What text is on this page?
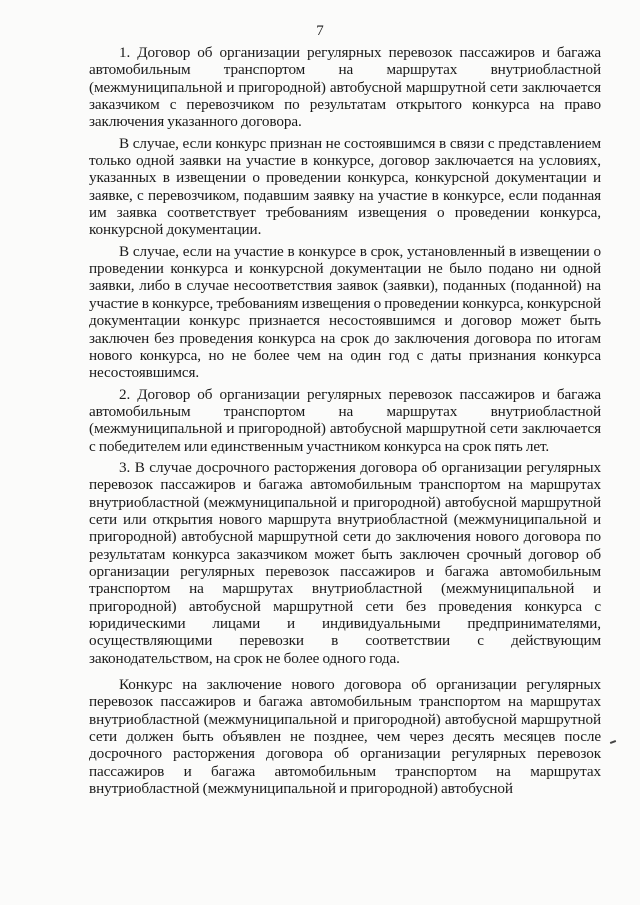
7

1. Договор об организации регулярных перевозок пассажиров и багажа автомобильным транспортом на маршрутах внутриобластной (межмуниципальной и пригородной) автобусной маршрутной сети заключается заказчиком с перевозчиком по результатам открытого конкурса на право заключения указанного договора.

В случае, если конкурс признан не состоявшимся в связи с представлением только одной заявки на участие в конкурсе, договор заключается на условиях, указанных в извещении о проведении конкурса, конкурсной документации и заявке, с перевозчиком, подавшим заявку на участие в конкурсе, если поданная им заявка соответствует требованиям извещения о проведении конкурса, конкурсной документации.

В случае, если на участие в конкурсе в срок, установленный в извещении о проведении конкурса и конкурсной документации не было подано ни одной заявки, либо в случае несоответствия заявок (заявки), поданных (поданной) на участие в конкурсе, требованиям извещения о проведении конкурса, конкурсной документации конкурс признается несостоявшимся и договор может быть заключен без проведения конкурса на срок до заключения договора по итогам нового конкурса, но не более чем на один год с даты признания конкурса несостоявшимся.

2. Договор об организации регулярных перевозок пассажиров и багажа автомобильным транспортом на маршрутах внутриобластной (межмуниципальной и пригородной) автобусной маршрутной сети заключается с победителем или единственным участником конкурса на срок пять лет.

3. В случае досрочного расторжения договора об организации регулярных перевозок пассажиров и багажа автомобильным транспортом на маршрутах внутриобластной (межмуниципальной и пригородной) автобусной маршрутной сети или открытия нового маршрута внутриобластной (межмуниципальной и пригородной) автобусной маршрутной сети до заключения нового договора по результатам конкурса заказчиком может быть заключен срочный договор об организации регулярных перевозок пассажиров и багажа автомобильным транспортом на маршрутах внутриобластной (межмуниципальной и пригородной) автобусной маршрутной сети без проведения конкурса с юридическими лицами и индивидуальными предпринимателями, осуществляющими перевозки в соответствии с действующим законодательством, на срок не более одного года.

Конкурс на заключение нового договора об организации регулярных перевозок пассажиров и багажа автомобильным транспортом на маршрутах внутриобластной (межмуниципальной и пригородной) автобусной маршрутной сети должен быть объявлен не позднее, чем через десять месяцев после досрочного расторжения договора об организации регулярных перевозок пассажиров и багажа автомобильным транспортом на маршрутах внутриобластной (межмуниципальной и пригородной) автобусной
